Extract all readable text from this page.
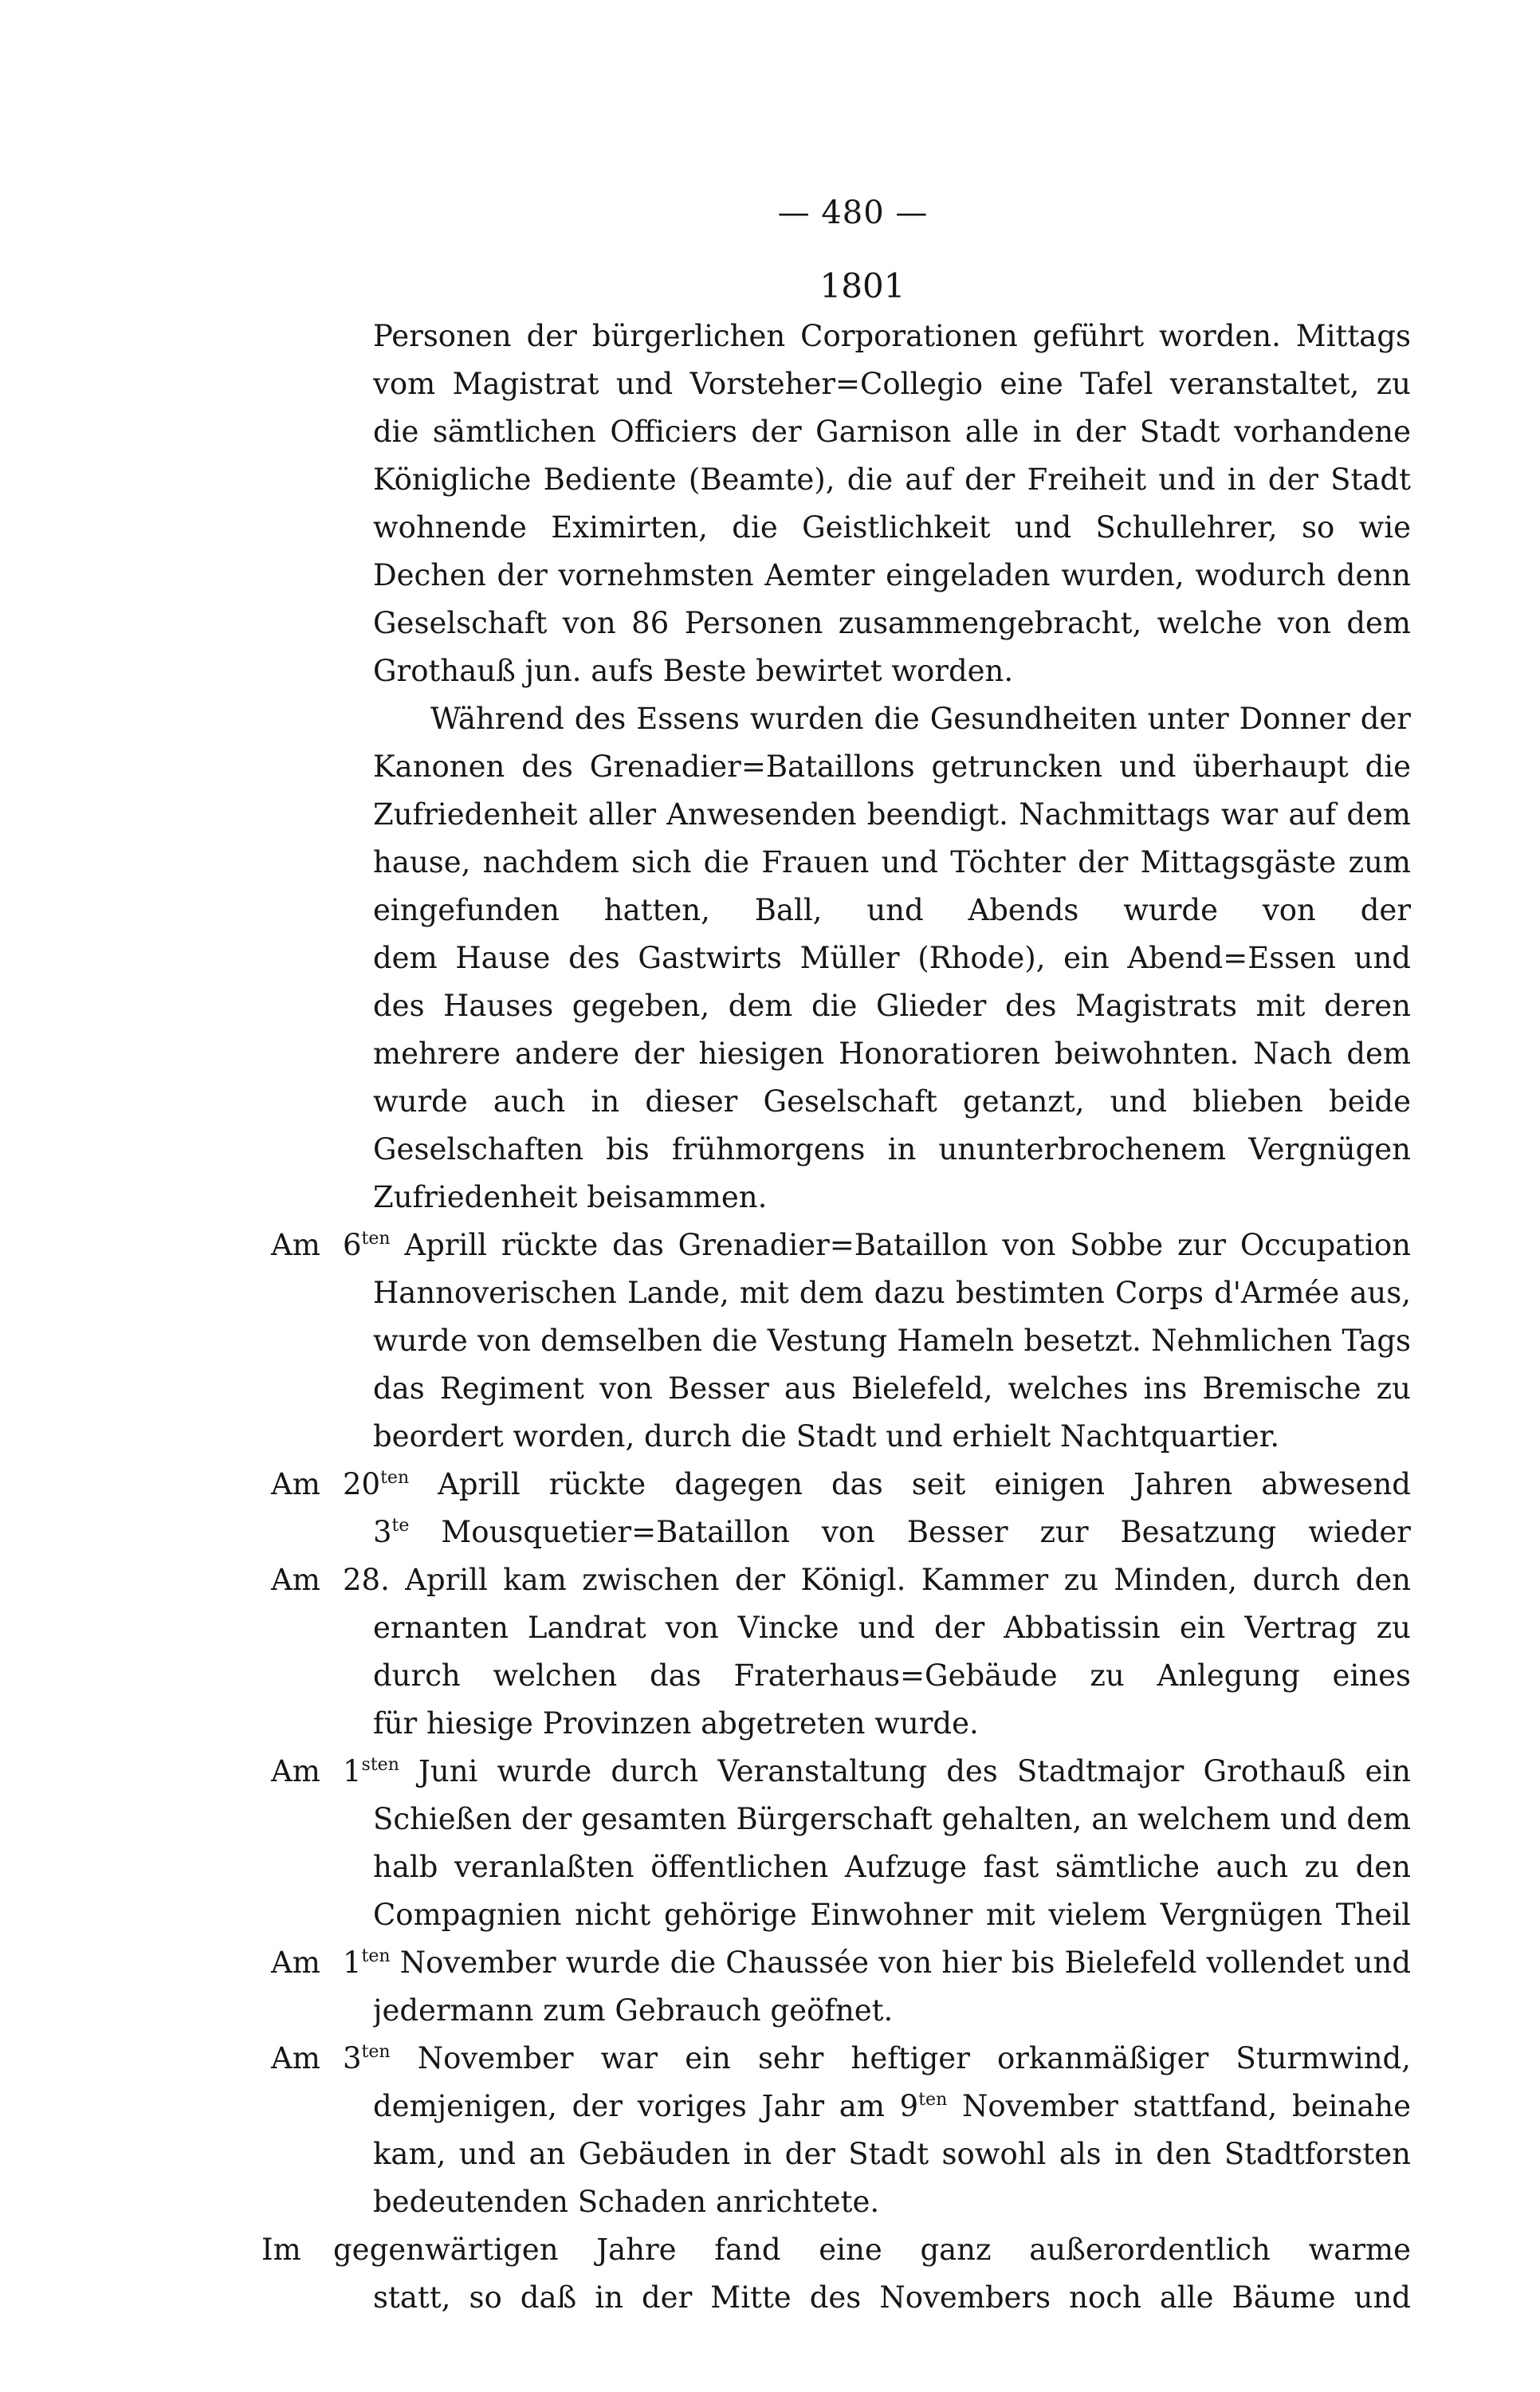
— 480 —
1801
Personen der bürgerlichen Corporationen geführt worden. Mittags
vom Magistrat und Vorsteher=Collegio eine Tafel veranstaltet, zu
die sämtlichen Officiers der Garnison alle in der Stadt vorhandene
Königliche Bediente (Beamte), die auf der Freiheit und in der Stadt
wohnende Eximirten, die Geistlichkeit und Schullehrer, so wie
Dechen der vornehmsten Aemter eingeladen wurden, wodurch denn
Geselschaft von 86 Personen zusammengebracht, welche von dem
Grothauß jun. aufs Beste bewirtet worden.
Während des Essens wurden die Gesundheiten unter Donner der
Kanonen des Grenadier=Bataillons getruncken und überhaupt die
Zufriedenheit aller Anwesenden beendigt. Nachmittags war auf dem
hause, nachdem sich die Frauen und Töchter der Mittagsgäste zum
eingefunden hatten, Ball, und Abends wurde von der
dem Hause des Gastwirts Müller (Rhode), ein Abend=Essen und
des Hauses gegeben, dem die Glieder des Magistrats mit deren
mehrere andere der hiesigen Honoratioren beiwohnten. Nach dem
wurde auch in dieser Geselschaft getanzt, und blieben beide
Geselschaften bis frühmorgens in ununterbrochenem Vergnügen
Zufriedenheit beisammen.
Am $6^{ten}$ Aprill rückte das Grenadier=Bataillon von Sobbe zur Occupation
Hannoverischen Lande, mit dem dazu bestimten Corps d'Armée aus,
wurde von demselben die Vestung Hameln besetzt. Nehmlichen Tags
das Regiment von Besser aus Bielefeld, welches ins Bremische zu
beordert worden, durch die Stadt und erhielt Nachtquartier.
Am $20^{ten}$ Aprill rückte dagegen das seit einigen Jahren abwesend
$3^{te}$ Mousquetier=Bataillon von Besser zur Besatzung wieder
Am 28. Aprill kam zwischen der Königl. Kammer zu Minden, durch den
ernanten Landrat von Vincke und der Abbatissin ein Vertrag zu
durch welchen das Fraterhaus=Gebäude zu Anlegung eines
für hiesige Provinzen abgetreten wurde.
Am $1^{sten}$ Juni wurde durch Veranstaltung des Stadtmajor Grothauß ein
Schießen der gesamten Bürgerschaft gehalten, an welchem und dem
halb veranlaßten öffentlichen Aufzuge fast sämtliche auch zu den
Compagnien nicht gehörige Einwohner mit vielem Vergnügen Theil
Am $1^{ten}$ November wurde die Chaussée von hier bis Bielefeld vollendet und
jedermann zum Gebrauch geöfnet.
Am $3^{ten}$ November war ein sehr heftiger orkanmäßiger Sturmwind,
demjenigen, der voriges Jahr am $9^{ten}$ November stattfand, beinahe
kam, und an Gebäuden in der Stadt sowohl als in den Stadtforsten
bedeutenden Schaden anrichtete.
Im	gegenwärtigen Jahre fand eine ganz außerordentlich warme
statt, so daß in der Mitte des Novembers noch alle Bäume und
